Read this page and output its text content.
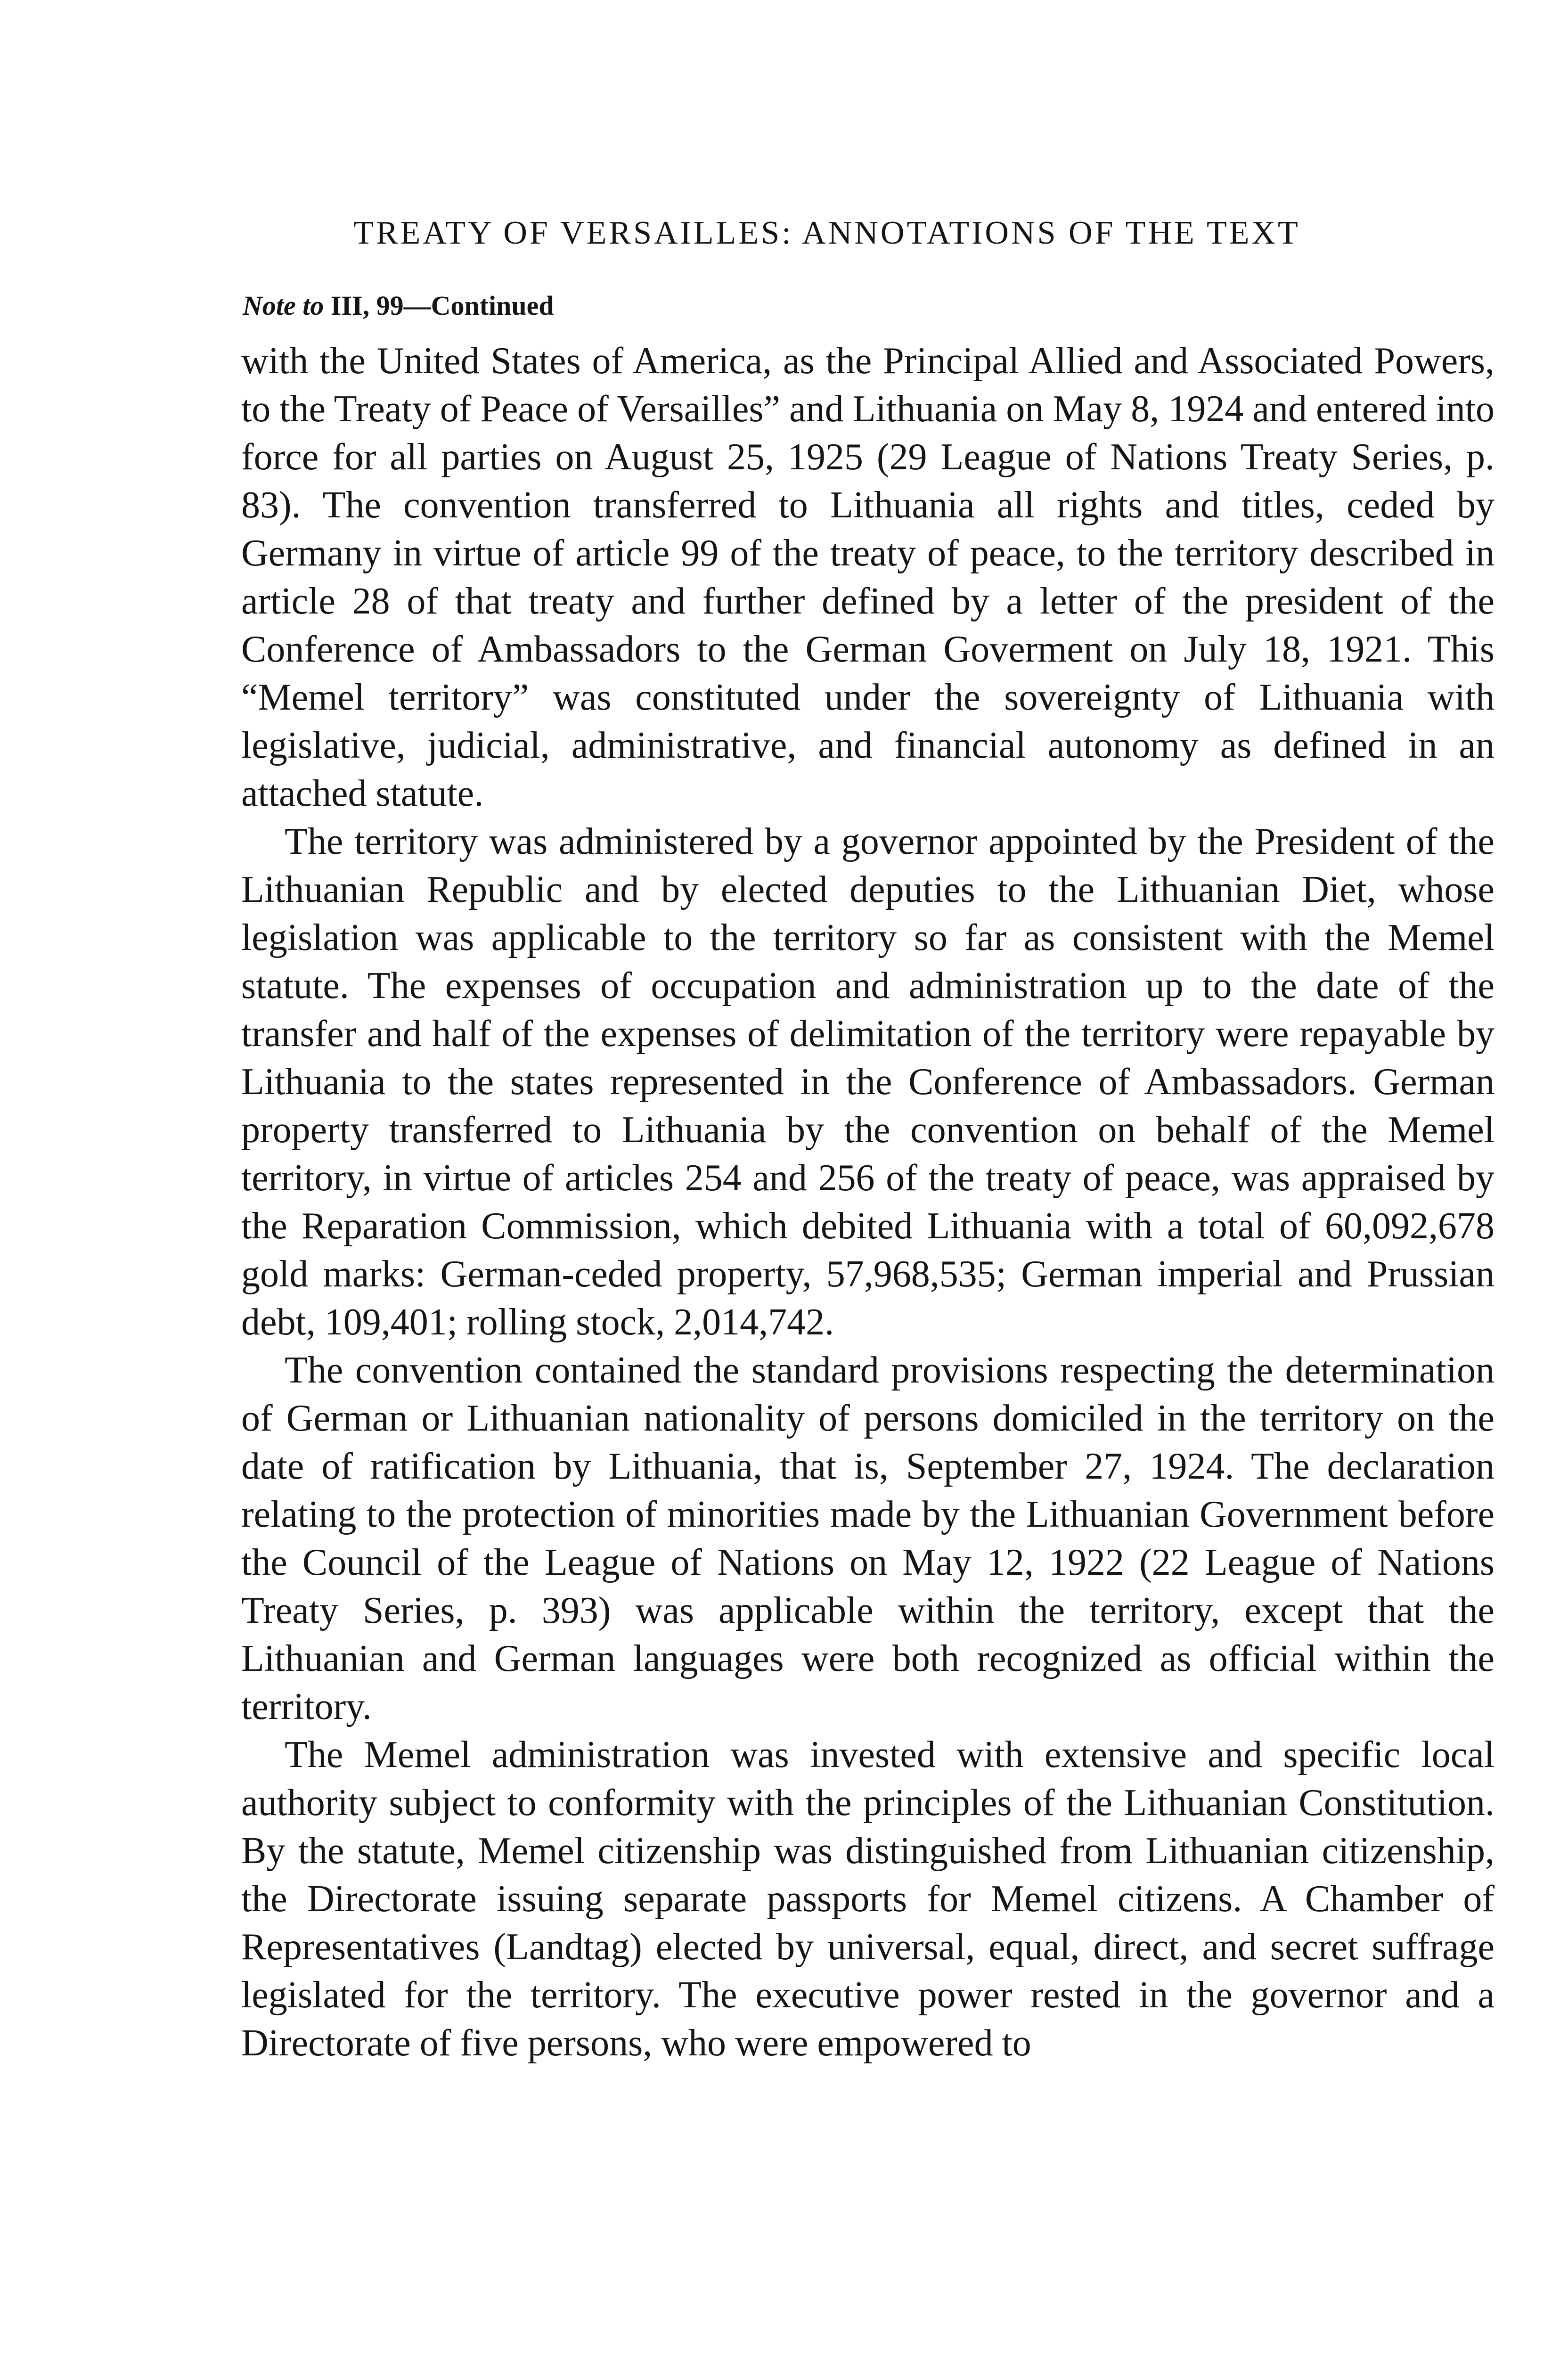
TREATY OF VERSAILLES: ANNOTATIONS OF THE TEXT

Note to III, 99—Continued

with the United States of America, as the Principal Allied and Associated Powers, to the Treaty of Peace of Versailles” and Lithuania on May 8, 1924 and entered into force for all parties on August 25, 1925 (29 League of Nations Treaty Series, p. 83). The convention transferred to Lithuania all rights and titles, ceded by Germany in virtue of article 99 of the treaty of peace, to the territory described in article 28 of that treaty and further defined by a letter of the president of the Conference of Ambassadors to the German Goverment on July 18, 1921. This “Memel territory” was constituted under the sovereignty of Lithuania with legislative, judicial, administrative, and financial autonomy as defined in an attached statute.

The territory was administered by a governor appointed by the President of the Lithuanian Republic and by elected deputies to the Lithuanian Diet, whose legislation was applicable to the territory so far as consistent with the Memel statute. The expenses of occupation and administration up to the date of the transfer and half of the expenses of delimitation of the territory were repayable by Lithuania to the states represented in the Conference of Ambassadors. German property transferred to Lithuania by the convention on behalf of the Memel territory, in virtue of articles 254 and 256 of the treaty of peace, was appraised by the Reparation Commission, which debited Lithuania with a total of 60,092,678 gold marks: German-ceded property, 57,968,535; German imperial and Prussian debt, 109,401; rolling stock, 2,014,742.

The convention contained the standard provisions respecting the determination of German or Lithuanian nationality of persons domiciled in the territory on the date of ratification by Lithuania, that is, September 27, 1924. The declaration relating to the protection of minorities made by the Lithuanian Government before the Council of the League of Nations on May 12, 1922 (22 League of Nations Treaty Series, p. 393) was applicable within the territory, except that the Lithuanian and German languages were both recognized as official within the territory.

The Memel administration was invested with extensive and specific local authority subject to conformity with the principles of the Lithuanian Constitution. By the statute, Memel citizenship was distinguished from Lithuanian citizenship, the Directorate issuing separate passports for Memel citizens. A Chamber of Representatives (Landtag) elected by universal, equal, direct, and secret suffrage legislated for the territory. The executive power rested in the governor and a Directorate of five persons, who were empowered to
